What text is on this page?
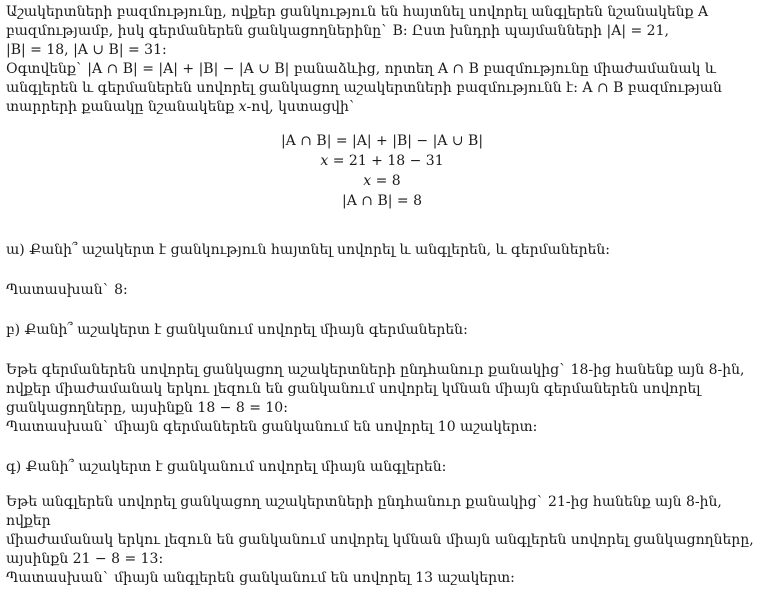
Աշակերտների բազմությունը, ովքեր ցանկություն են հայտնել սովորել անգլերեն նշանակենք A

բազմությամբ, իսկ գերմաներեն ցանկացողներինը` B: Ըստ խնդրի պայմանների |A| = 21,

|B| = 18, |A ∪ B| = 31:

Օգտվենք` |A ∩ B| = |A| + |B| − |A ∪ B| բանաձևից, որտեղ A ∩ B բազմությունը միաժամանակ և

անգլերեն և գերմաներեն սովորել ցանկացող աշակերտների բազմությունն է: A ∩ B բազմության

տարրերի քանակը նշանակենք x-ով, կստացվի`

|A ∩ B| = |A| + |B| − |A ∪ B|

x = 21 + 18 − 31

x = 8

|A ∩ B| = 8

ա) Քանի՞ աշակերտ է ցանկություն հայտնել սովորել և անգլերեն, և գերմաներեն:

Պատասխան` 8:

բ) Քանի՞ աշակերտ է ցանկանում սովորել միայն գերմաներեն:

Եթե գերմաներեն սովորել ցանկացող աշակերտների ընդհանուր քանակից` 18-ից հանենք այն 8-ին,

ովքեր միաժամանակ երկու լեզուն են ցանկանում սովորել կմնան միայն գերմաներեն սովորել

ցանկացողները, այսինքն 18 − 8 = 10:

Պատասխան` միայն գերմաներեն ցանկանում են սովորել 10 աշակերտ:

գ) Քանի՞ աշակերտ է ցանկանում սովորել միայն անգլերեն:

Եթե անգլերեն սովորել ցանկացող աշակերտների ընդհանուր քանակից` 21-ից հանենք այն 8-ին, ովքեր

միաժամանակ երկու լեզուն են ցանկանում սովորել կմնան միայն անգլերեն սովորել ցանկացողները,

այսինքն 21 − 8 = 13:

Պատասխան` միայն անգլերեն ցանկանում են սովորել 13 աշակերտ:
